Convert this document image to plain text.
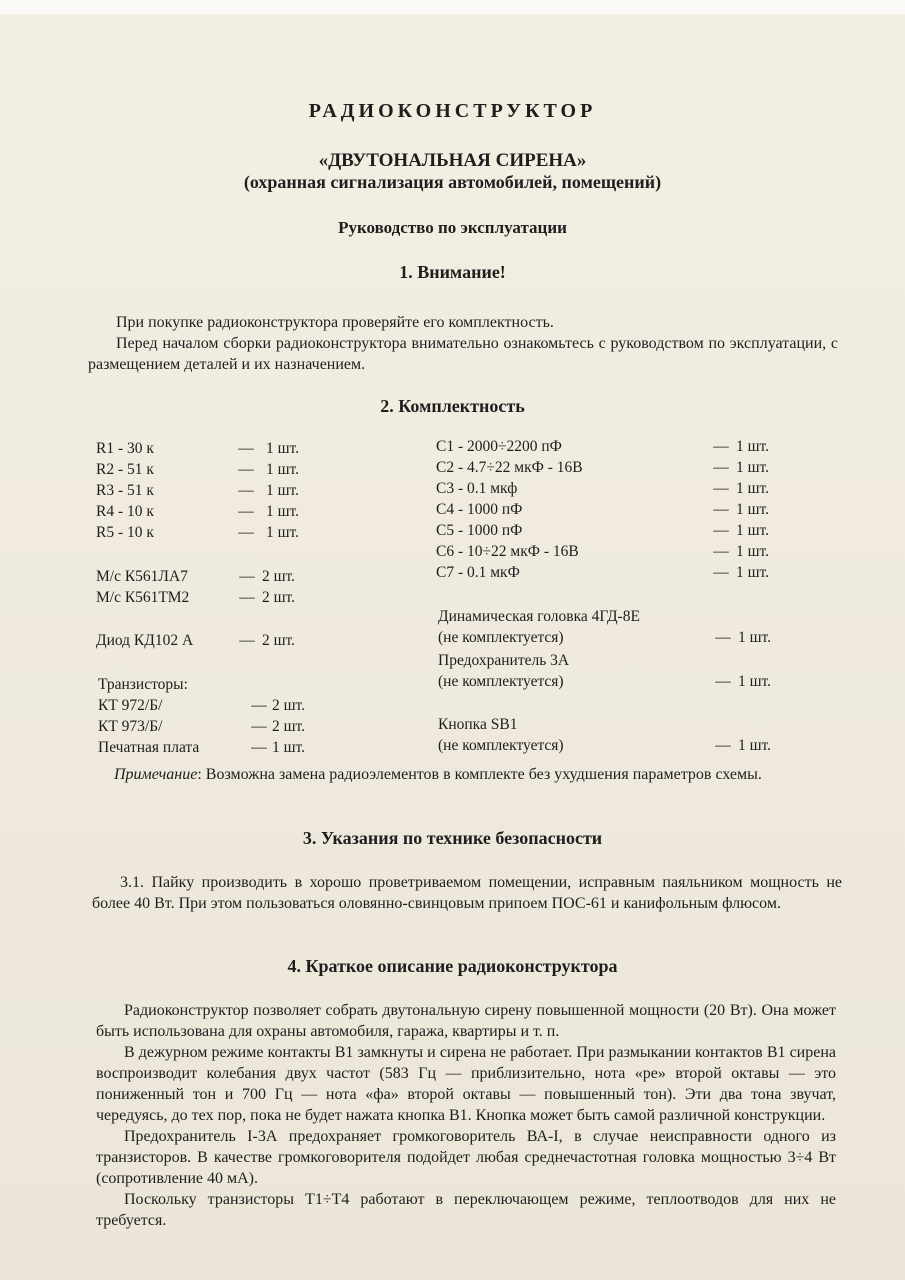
РАДИОКОНСТРУКТОР
«ДВУТОНАЛЬНАЯ СИРЕНА»
(охранная сигнализация автомобилей, помещений)
Руководство по эксплуатации
1. Внимание!

При покупке радиоконструктора проверяйте его комплектность.

Перед началом сборки радиоконструктора внимательно ознакомьтесь с руководством по эксплуатации, с размещением деталей и их назначением.

2. Комплектность
R1 - 30 к	— 1 шт.
R2 - 51 к	— 1 шт.
R3 - 51 к	— 1 шт.
R4 - 10 к	— 1 шт.
R5 - 10 к	— 1 шт.
М/с К561ЛА7	— 2 шт.
М/с К561ТМ2	— 2 шт.
Диод КД102 А	— 2 шт.
Транзисторы:
КТ 972/Б/	— 2 шт.
КТ 973/Б/	— 2 шт.
Печатная плата	— 1 шт.
С1 - 2000÷2200 пФ	— 1 шт.
С2 - 4.7÷22 мкФ - 16В	— 1 шт.
С3 - 0.1 мкф	— 1 шт.
С4 - 1000 пФ	— 1 шт.
С5 - 1000 пФ	— 1 шт.
С6 - 10÷22 мкФ - 16В	— 1 шт.
С7 - 0.1 мкФ	— 1 шт.
Динамическая головка 4ГД-8Е
(не комплектуется)	— 1 шт.
Предохранитель 3А
(не комплектуется)	— 1 шт.
Кнопка SB1
(не комплектуется)	— 1 шт.

Примечание: Возможна замена радиоэлементов в комплекте без ухудшения параметров схемы.

3. Указания по технике безопасности

3.1. Пайку производить в хорошо проветриваемом помещении, исправным паяльником мощность не более 40 Вт. При этом пользоваться оловянно-свинцовым припоем ПОС-61 и канифольным флюсом.

4. Краткое описание радиоконструктора

Радиоконструктор позволяет собрать двутональную сирену повышенной мощности (20 Вт). Она может быть использована для охраны автомобиля, гаража, квартиры и т. п.

В дежурном режиме контакты В1 замкнуты и сирена не работает. При размыкании контактов В1 сирена воспроизводит колебания двух частот (583 Гц — приблизительно, нота «ре» второй октавы — это пониженный тон и 700 Гц — нота «фа» второй октавы — повышенный тон). Эти два тона звучат, чередуясь, до тех пор, пока не будет нажата кнопка В1. Кнопка может быть самой различной конструкции.

Предохранитель I-3А предохраняет громкоговоритель ВА-I, в случае неисправности одного из транзисторов. В качестве громкоговорителя подойдет любая среднечастотная головка мощностью 3÷4 Вт (сопротивление 40 мА).

Поскольку транзисторы Т1÷Т4 работают в переключающем режиме, теплоотводов для них не требуется.
